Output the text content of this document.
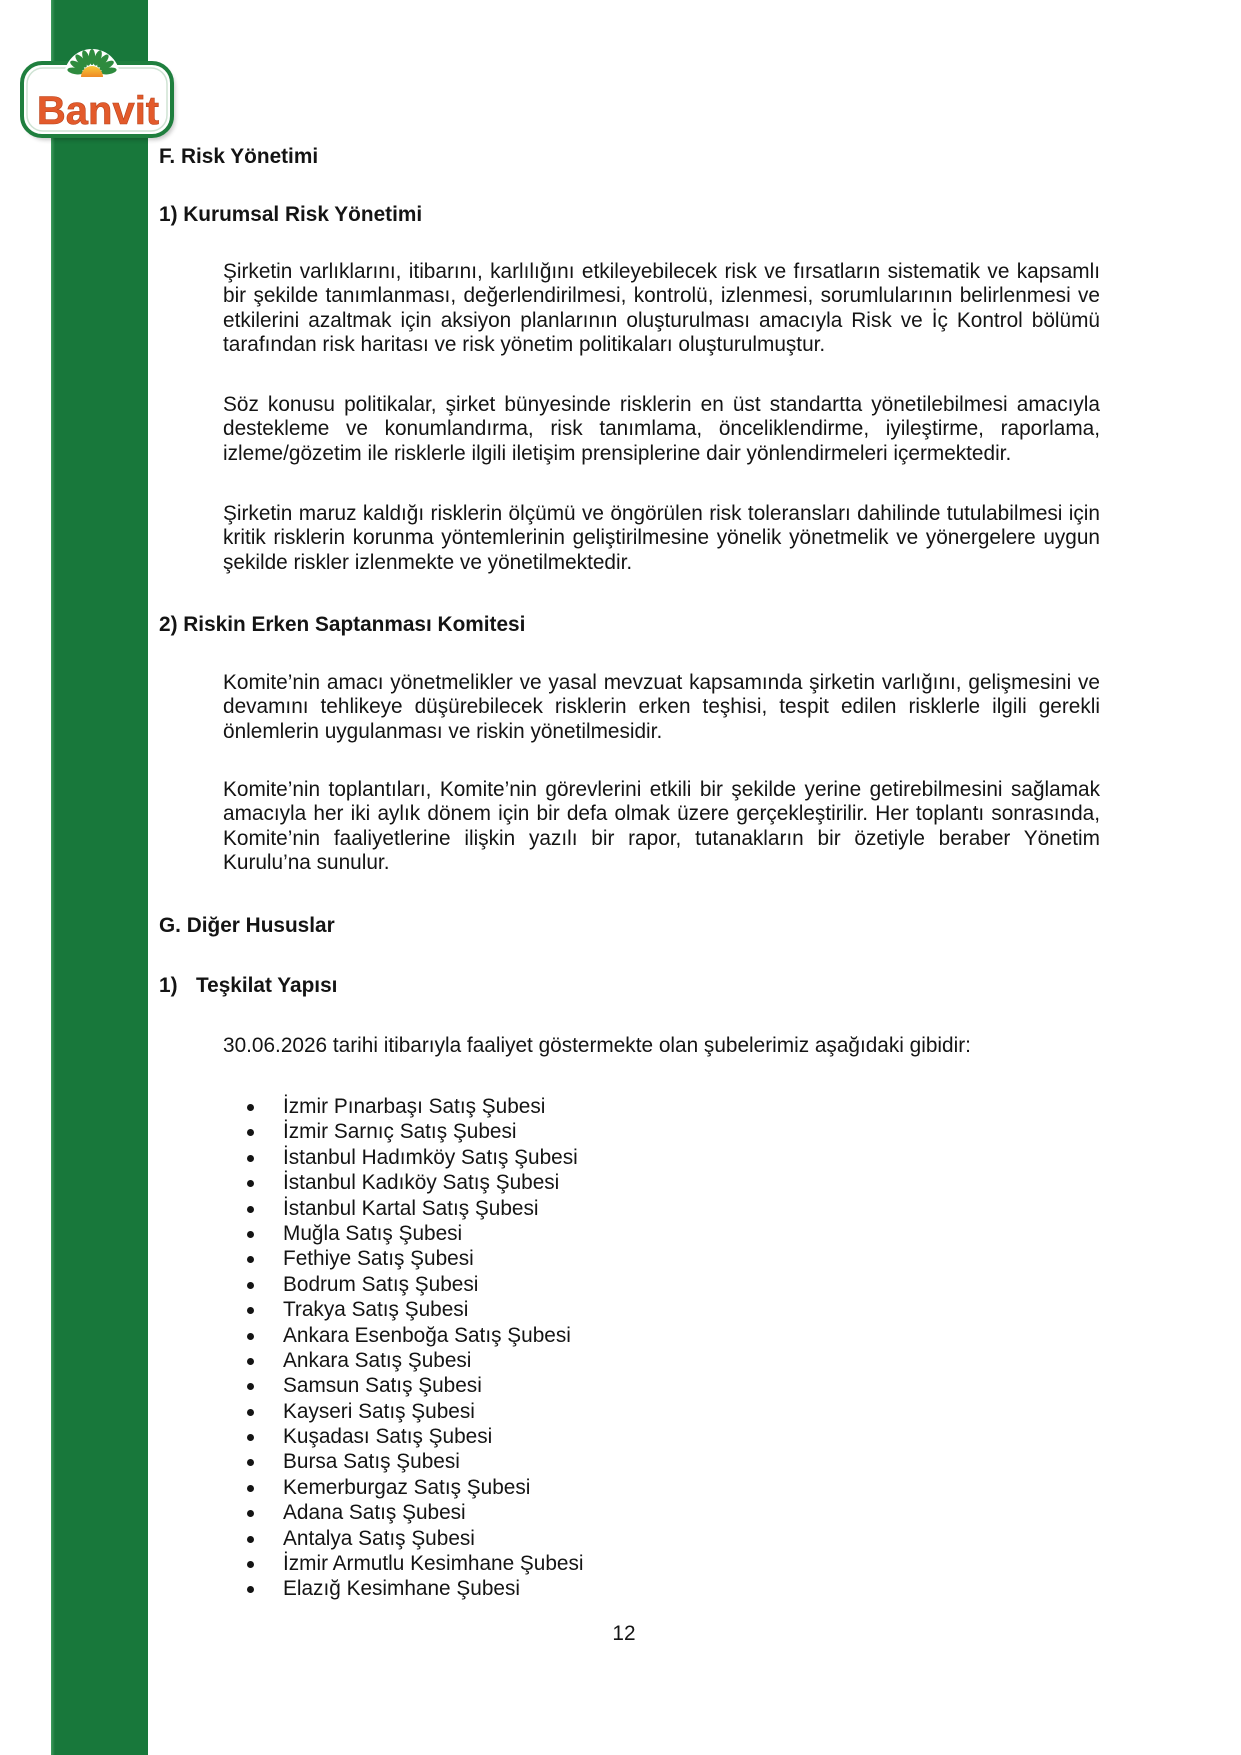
Banvit
F. Risk Yönetimi
1) Kurumsal Risk Yönetimi
Şirketin varlıklarını, itibarını, karlılığını etkileyebilecek risk ve fırsatların sistematik ve kapsamlı
bir şekilde tanımlanması, değerlendirilmesi, kontrolü, izlenmesi, sorumlularının belirlenmesi ve
etkilerini azaltmak için aksiyon planlarının oluşturulması amacıyla Risk ve İç Kontrol bölümü
tarafından risk haritası ve risk yönetim politikaları oluşturulmuştur.
Söz konusu politikalar, şirket bünyesinde risklerin en üst standartta yönetilebilmesi amacıyla
destekleme ve konumlandırma, risk tanımlama, önceliklendirme, iyileştirme, raporlama,
izleme/gözetim ile risklerle ilgili iletişim prensiplerine dair yönlendirmeleri içermektedir.
Şirketin maruz kaldığı risklerin ölçümü ve öngörülen risk toleransları dahilinde tutulabilmesi için
kritik risklerin korunma yöntemlerinin geliştirilmesine yönelik yönetmelik ve yönergelere uygun
şekilde riskler izlenmekte ve yönetilmektedir.
2) Riskin Erken Saptanması Komitesi
Komite’nin amacı yönetmelikler ve yasal mevzuat kapsamında şirketin varlığını, gelişmesini ve
devamını tehlikeye düşürebilecek risklerin erken teşhisi, tespit edilen risklerle ilgili gerekli
önlemlerin uygulanması ve riskin yönetilmesidir.
Komite’nin toplantıları, Komite’nin görevlerini etkili bir şekilde yerine getirebilmesini sağlamak
amacıyla her iki aylık dönem için bir defa olmak üzere gerçekleştirilir. Her toplantı sonrasında,
Komite’nin faaliyetlerine ilişkin yazılı bir rapor, tutanakların bir özetiyle beraber Yönetim
Kurulu’na sunulur.
G. Diğer Hususlar
1) Teşkilat Yapısı
30.06.2026 tarihi itibarıyla faaliyet göstermekte olan şubelerimiz aşağıdaki gibidir:
İzmir Pınarbaşı Satış Şubesi
İzmir Sarnıç Satış Şubesi
İstanbul Hadımköy Satış Şubesi
İstanbul Kadıköy Satış Şubesi
İstanbul Kartal Satış Şubesi
Muğla Satış Şubesi
Fethiye Satış Şubesi
Bodrum Satış Şubesi
Trakya Satış Şubesi
Ankara Esenboğa Satış Şubesi
Ankara Satış Şubesi
Samsun Satış Şubesi
Kayseri Satış Şubesi
Kuşadası Satış Şubesi
Bursa Satış Şubesi
Kemerburgaz Satış Şubesi
Adana Satış Şubesi
Antalya Satış Şubesi
İzmir Armutlu Kesimhane Şubesi
Elazığ Kesimhane Şubesi
12
